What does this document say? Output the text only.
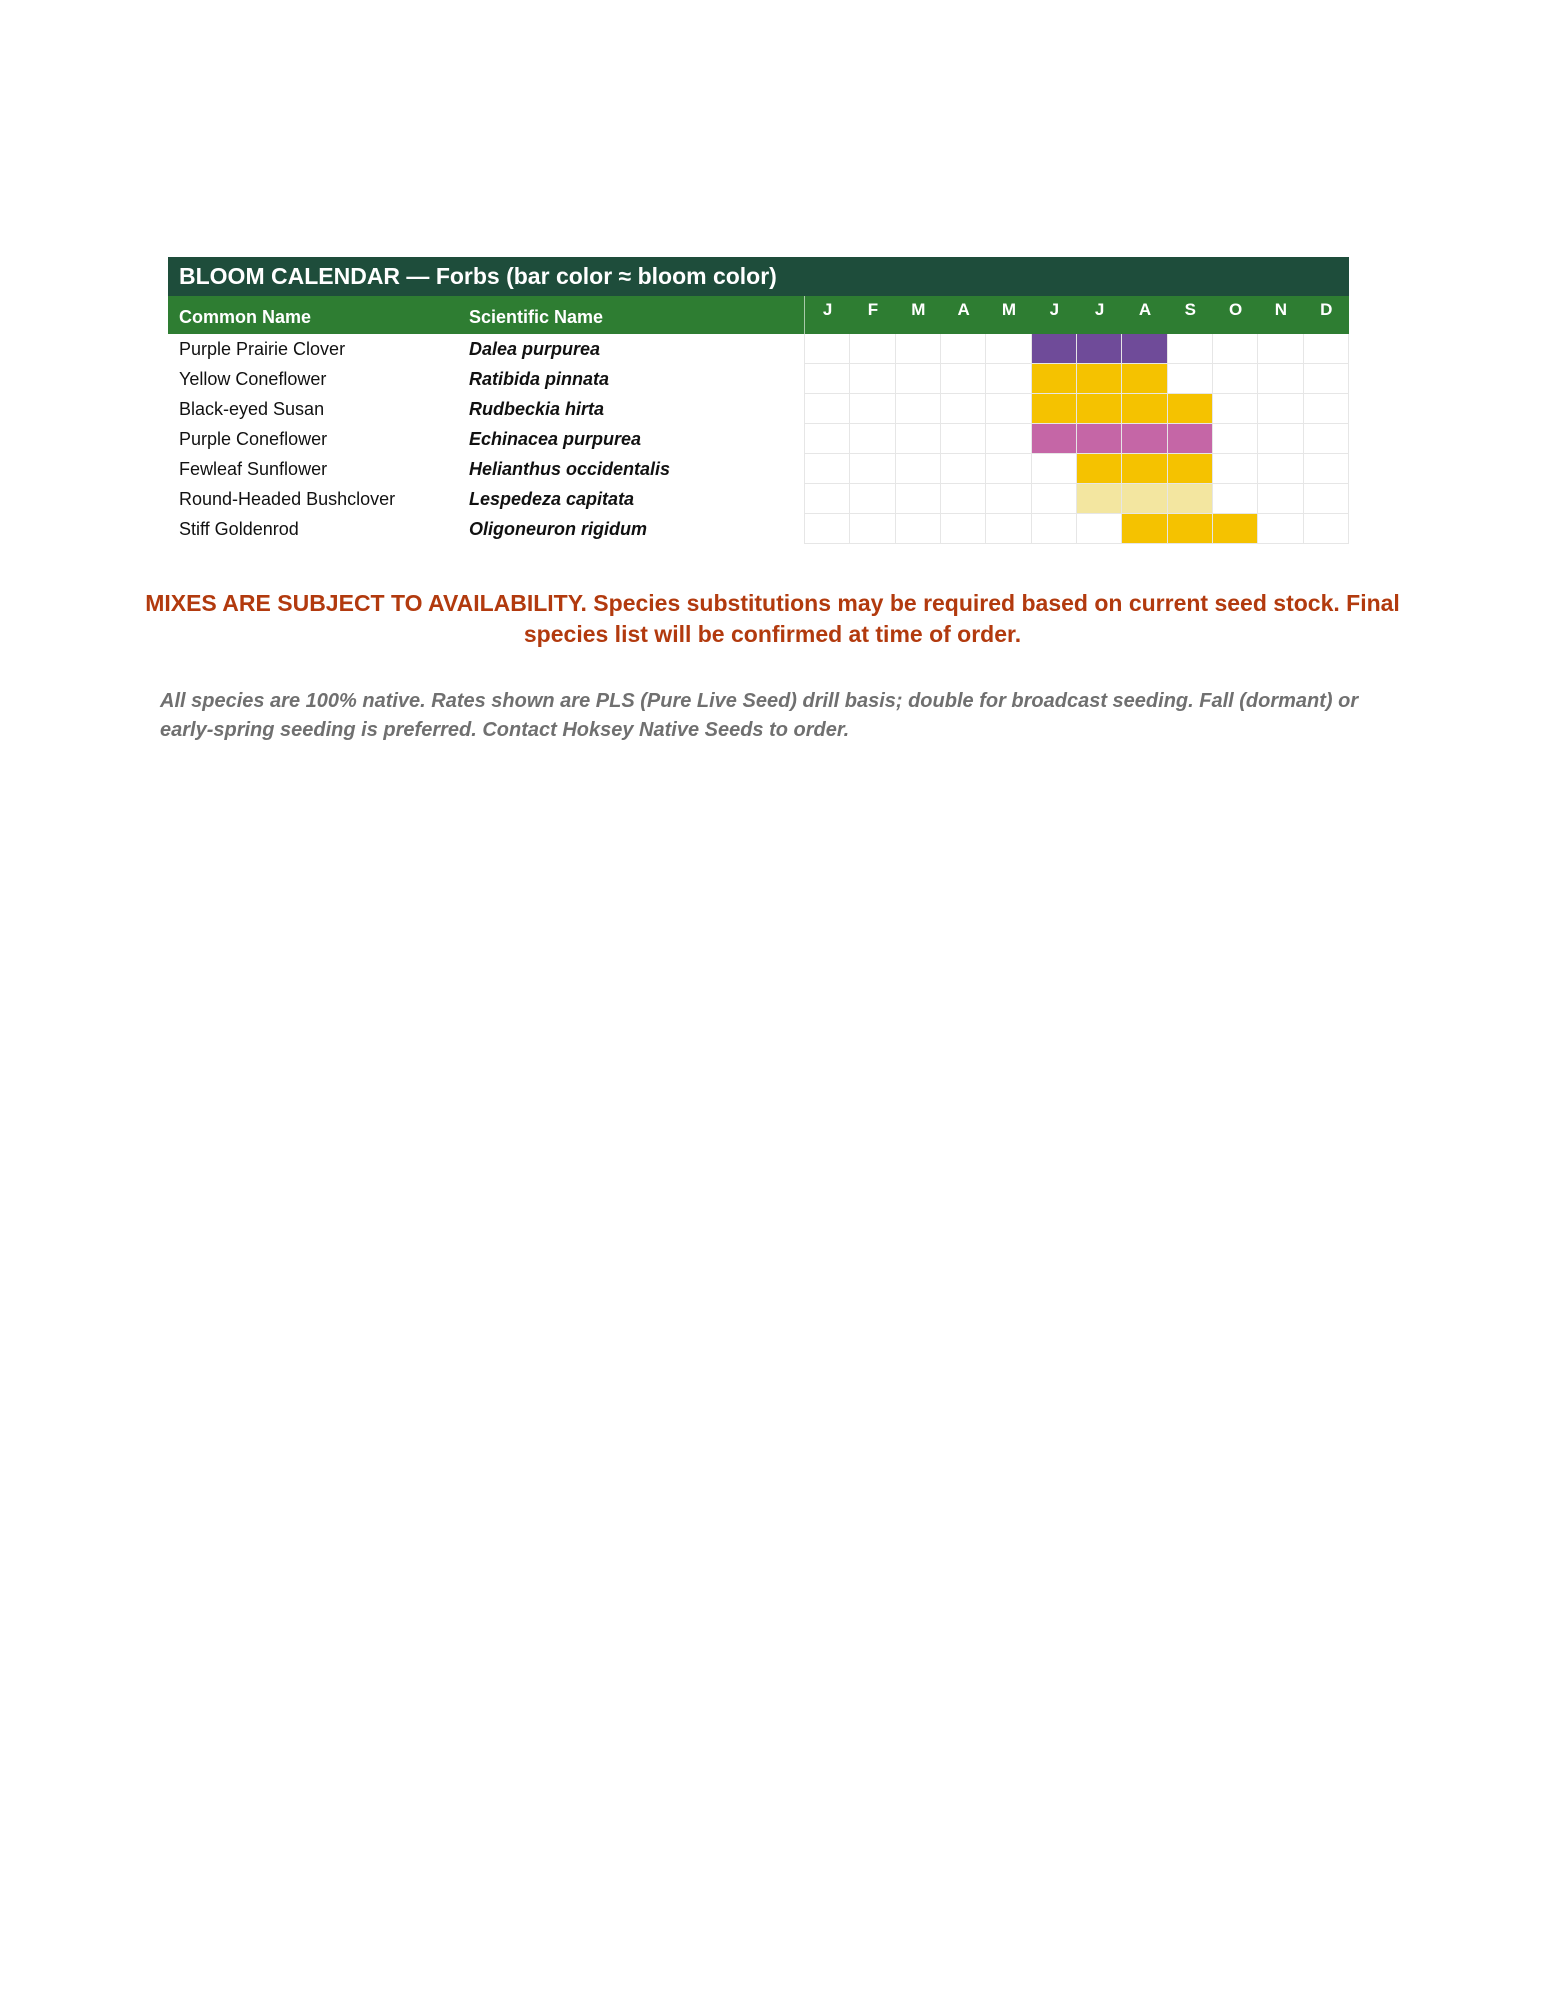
BLOOM CALENDAR — Forbs (bar color ≈ bloom color)
Common Name	Scientific Name	J	F	M	A	M	J	J	A	S	O	N	D
Purple Prairie Clover	Dalea purpurea
Yellow Coneflower	Ratibida pinnata
Black-eyed Susan	Rudbeckia hirta
Purple Coneflower	Echinacea purpurea
Fewleaf Sunflower	Helianthus occidentalis
Round-Headed Bushclover	Lespedeza capitata
Stiff Goldenrod	Oligoneuron rigidum
MIXES ARE SUBJECT TO AVAILABILITY. Species substitutions may be required based on current seed stock. Final species list will be confirmed at time of order.
All species are 100% native. Rates shown are PLS (Pure Live Seed) drill basis; double for broadcast seeding. Fall (dormant) or early-spring seeding is preferred. Contact Hoksey Native Seeds to order.
